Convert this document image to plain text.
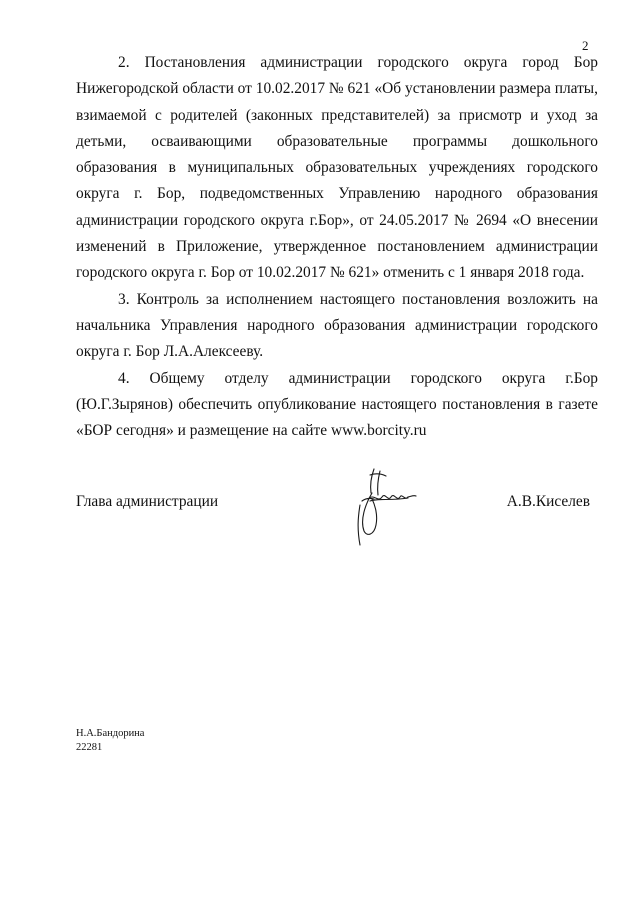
2

2. Постановления администрации городского округа город Бор Нижегородской области от 10.02.2017 № 621 «Об установлении размера платы, взимаемой с родителей (законных представителей) за присмотр и уход за детьми, осваивающими образовательные программы дошкольного образования в муниципальных образовательных учреждениях городского округа г. Бор, подведомственных Управлению народного образования администрации городского округа г.Бор», от 24.05.2017 № 2694 «О внесении изменений в Приложение, утвержденное постановлением администрации городского округа г. Бор от 10.02.2017 № 621» отменить с 1 января 2018 года.

3. Контроль за исполнением настоящего постановления возложить на начальника Управления народного образования администрации городского округа г. Бор Л.А.Алексееву.

4. Общему отделу администрации городского округа г.Бор (Ю.Г.Зырянов) обеспечить опубликование настоящего постановления в газете «БОР сегодня» и размещение на сайте www.borcity.ru

Глава администрации	А.В.Киселев
Н.А.Бандорина
22281
